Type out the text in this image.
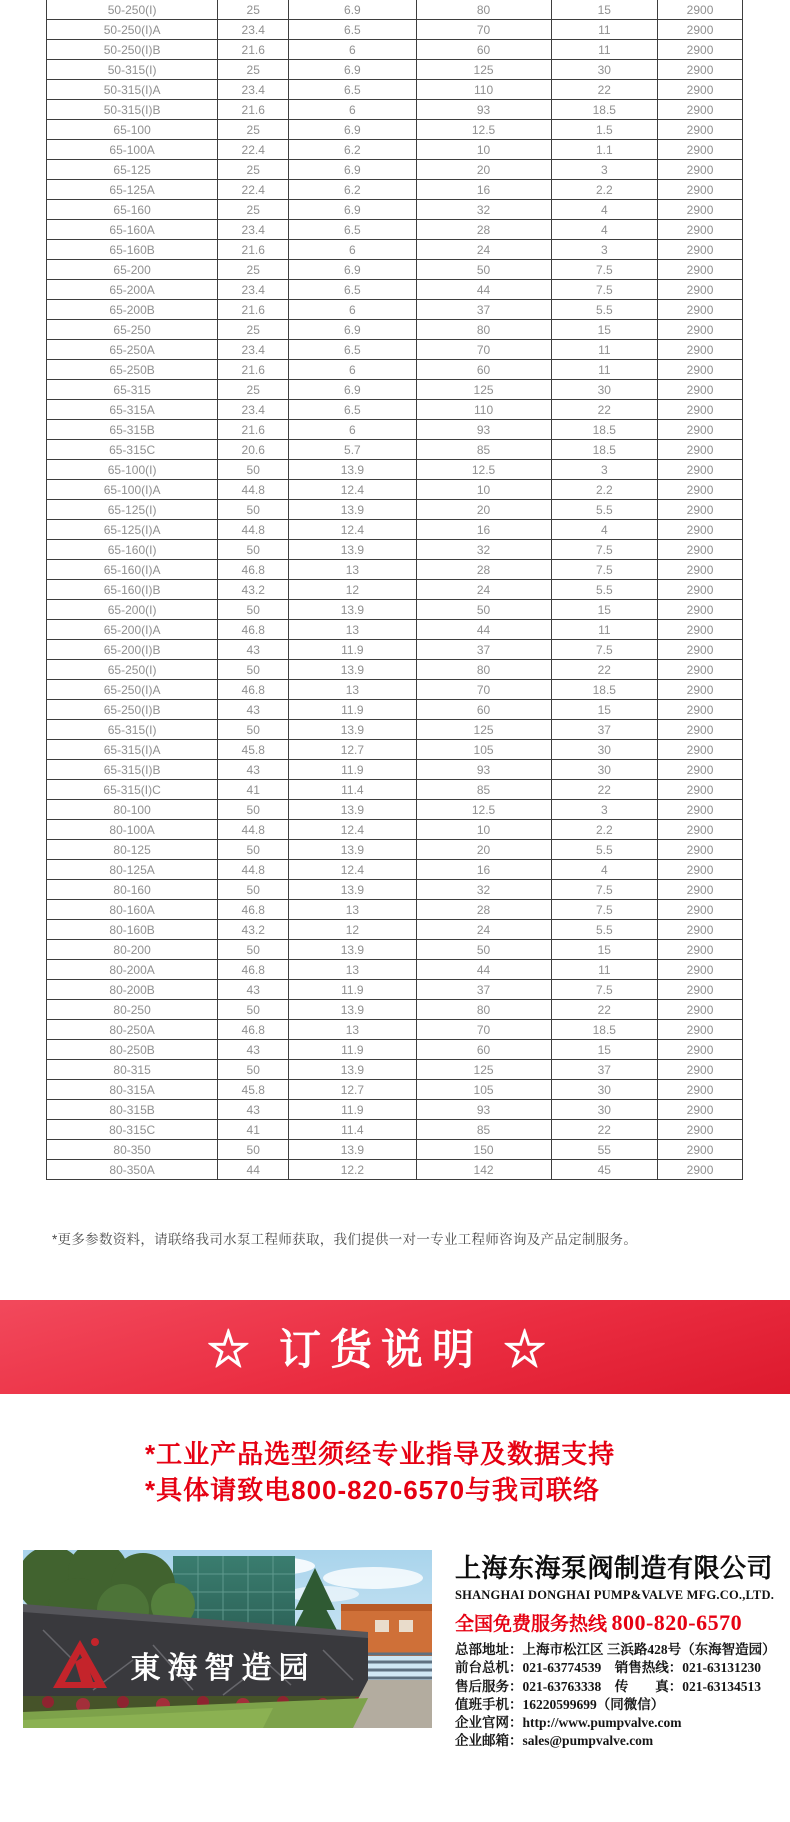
50-250(I)	25	6.9	80	15	2900
50-250(I)A	23.4	6.5	70	11	2900
50-250(I)B	21.6	6	60	11	2900
50-315(I)	25	6.9	125	30	2900
50-315(I)A	23.4	6.5	110	22	2900
50-315(I)B	21.6	6	93	18.5	2900
65-100	25	6.9	12.5	1.5	2900
65-100A	22.4	6.2	10	1.1	2900
65-125	25	6.9	20	3	2900
65-125A	22.4	6.2	16	2.2	2900
65-160	25	6.9	32	4	2900
65-160A	23.4	6.5	28	4	2900
65-160B	21.6	6	24	3	2900
65-200	25	6.9	50	7.5	2900
65-200A	23.4	6.5	44	7.5	2900
65-200B	21.6	6	37	5.5	2900
65-250	25	6.9	80	15	2900
65-250A	23.4	6.5	70	11	2900
65-250B	21.6	6	60	11	2900
65-315	25	6.9	125	30	2900
65-315A	23.4	6.5	110	22	2900
65-315B	21.6	6	93	18.5	2900
65-315C	20.6	5.7	85	18.5	2900
65-100(I)	50	13.9	12.5	3	2900
65-100(I)A	44.8	12.4	10	2.2	2900
65-125(I)	50	13.9	20	5.5	2900
65-125(I)A	44.8	12.4	16	4	2900
65-160(I)	50	13.9	32	7.5	2900
65-160(I)A	46.8	13	28	7.5	2900
65-160(I)B	43.2	12	24	5.5	2900
65-200(I)	50	13.9	50	15	2900
65-200(I)A	46.8	13	44	11	2900
65-200(I)B	43	11.9	37	7.5	2900
65-250(I)	50	13.9	80	22	2900
65-250(I)A	46.8	13	70	18.5	2900
65-250(I)B	43	11.9	60	15	2900
65-315(I)	50	13.9	125	37	2900
65-315(I)A	45.8	12.7	105	30	2900
65-315(I)B	43	11.9	93	30	2900
65-315(I)C	41	11.4	85	22	2900
80-100	50	13.9	12.5	3	2900
80-100A	44.8	12.4	10	2.2	2900
80-125	50	13.9	20	5.5	2900
80-125A	44.8	12.4	16	4	2900
80-160	50	13.9	32	7.5	2900
80-160A	46.8	13	28	7.5	2900
80-160B	43.2	12	24	5.5	2900
80-200	50	13.9	50	15	2900
80-200A	46.8	13	44	11	2900
80-200B	43	11.9	37	7.5	2900
80-250	50	13.9	80	22	2900
80-250A	46.8	13	70	18.5	2900
80-250B	43	11.9	60	15	2900
80-315	50	13.9	125	37	2900
80-315A	45.8	12.7	105	30	2900
80-315B	43	11.9	93	30	2900
80-315C	41	11.4	85	22	2900
80-350	50	13.9	150	55	2900
80-350A	44	12.2	142	45	2900

*更多参数资料，请联络我司水泵工程师获取，我们提供一对一专业工程师咨询及产品定制服务。

☆ 订货说明 ☆

*工业产品选型须经专业指导及数据支持

*具体请致电800-820-6570与我司联络

東海智造园
上海东海泵阀制造有限公司
SHANGHAI DONGHAI PUMP&VALVE MFG.CO.,LTD.
全国免费服务热线 800-820-6570

总部地址：上海市松江区 三浜路428号（东海智造园）

前台总机：021-63774539　销售热线：021-63131230

售后服务：021-63763338　传　　真：021-63134513

值班手机：16220599699（同微信）

企业官网：http://www.pumpvalve.com

企业邮箱：sales@pumpvalve.com
